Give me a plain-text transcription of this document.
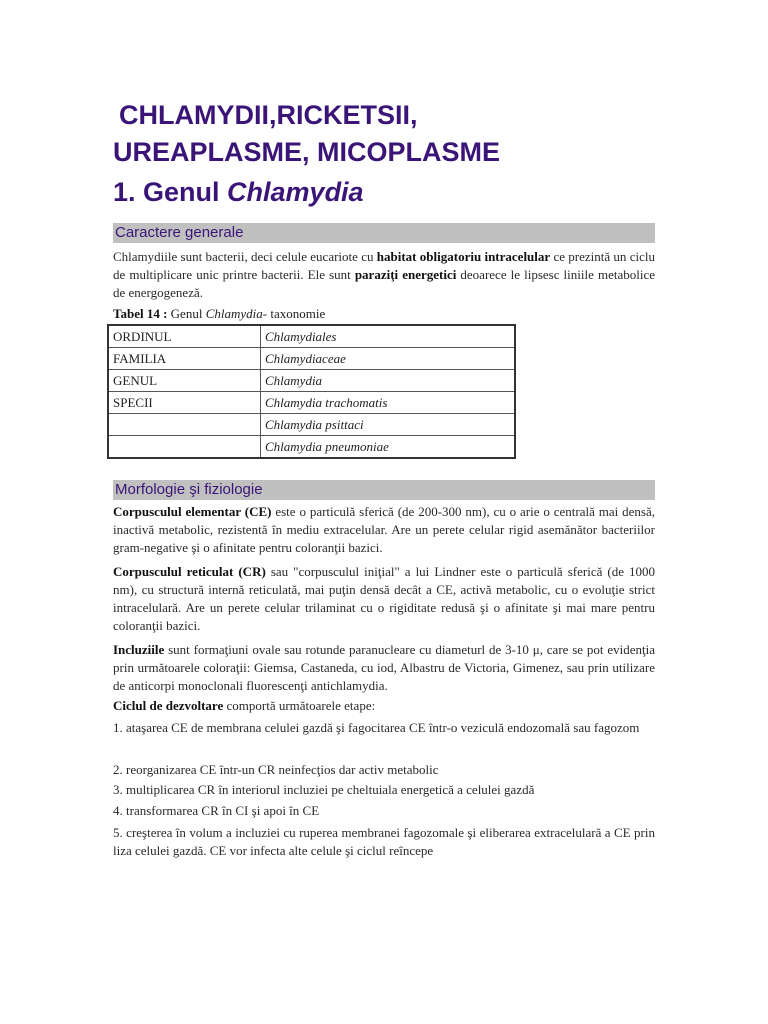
CHLAMYDII,RICKETSII,
UREAPLASME, MICOPLASME
1. Genul Chlamydia
Caractere generale
Chlamydiile sunt bacterii, deci celule eucariote cu habitat obligatoriu intracelular ce prezintă un ciclu de multiplicare unic printre bacterii. Ele sunt paraziţi energetici deoarece le lipsesc liniile metabolice de energogeneză.
Tabel 14 : Genul Chlamydia- taxonomie
ORDINUL	Chlamydiales
FAMILIA	Chlamydiaceae
GENUL	Chlamydia
SPECII	Chlamydia trachomatis
	Chlamydia psittaci
	Chlamydia pneumoniae
Morfologie şi fiziologie
Corpusculul elementar (CE) este o particulă sferică (de 200-300 nm), cu o arie o centrală mai densă, inactivă metabolic, rezistentă în mediu extracelular. Are un perete celular rigid asemănător bacteriilor gram-negative şi o afinitate pentru coloranţii bazici.
Corpusculul reticulat (CR) sau "corpusculul iniţial" a lui Lindner este o particulă sferică (de 1000 nm), cu structură internă reticulată, mai puţin densă decât a CE, activă metabolic, cu o evoluţie strict intracelulară. Are un perete celular trilaminat cu o rigiditate redusă şi o afinitate şi mai mare pentru coloranţii bazici.
Incluziile sunt formaţiuni ovale sau rotunde paranucleare cu diameturl de 3-10 μ, care se pot evidenţia prin următoarele coloraţii: Giemsa, Castaneda, cu iod, Albastru de Victoria, Gimenez, sau prin utilizare de anticorpi monoclonali fluorescenţi antichlamydia.
Ciclul de dezvoltare comportă următoarele etape:
1. ataşarea CE de membrana celulei gazdă şi fagocitarea CE într-o veziculă endozomală sau fagozom
2. reorganizarea CE într-un CR neinfecţios dar activ metabolic
3. multiplicarea CR în interiorul incluziei pe cheltuiala energetică a celulei gazdă
4. transformarea CR în CI şi apoi în CE
5. creşterea în volum a incluziei cu ruperea membranei fagozomale şi eliberarea extracelulară a CE prin liza celulei gazdă. CE vor infecta alte celule şi ciclul reîncepe
